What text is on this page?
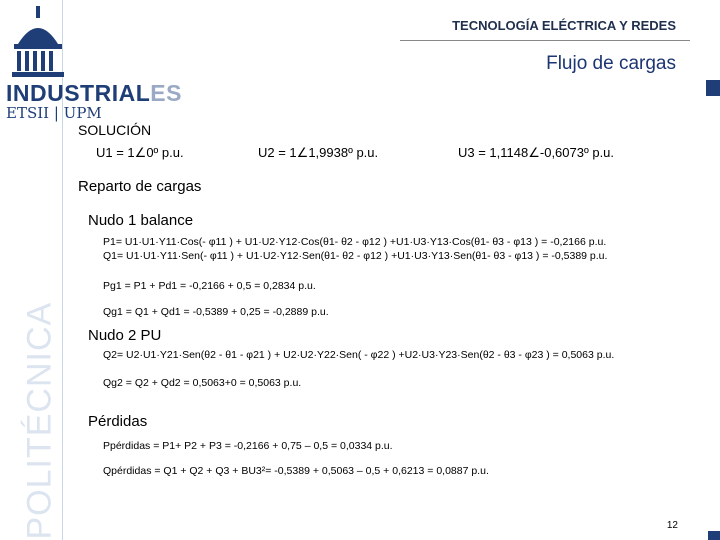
POLITÉCNICA
INDUSTRIALES
ETSII | UPM
TECNOLOGÍA ELÉCTRICA Y REDES
Flujo de cargas
SOLUCIÓN
U1 = 1∠0º p.u.	U2 = 1∠1,9938º p.u.	U3 = 1,1148∠-0,6073º p.u.
Reparto de cargas
Nudo 1 balance
P1= U1·U1·Y11·Cos(- φ11 ) + U1·U2·Y12·Cos(θ1- θ2 - φ12 ) +U1·U3·Y13·Cos(θ1- θ3 - φ13 ) = -0,2166 p.u.
Q1= U1·U1·Y11·Sen(- φ11 ) + U1·U2·Y12·Sen(θ1- θ2 - φ12 ) +U1·U3·Y13·Sen(θ1- θ3 - φ13 ) = -0,5389 p.u.
Pg1 = P1 + Pd1 = -0,2166 + 0,5 = 0,2834 p.u.
Qg1 = Q1 + Qd1 = -0,5389 + 0,25 = -0,2889 p.u.
Nudo 2 PU
Q2= U2·U1·Y21·Sen(θ2 - θ1 - φ21 ) + U2·U2·Y22·Sen( - φ22 ) +U2·U3·Y23·Sen(θ2 - θ3 - φ23 ) = 0,5063 p.u.
Qg2 = Q2 + Qd2 = 0,5063+0 = 0,5063 p.u.
Pérdidas
Ppérdidas = P1+ P2 + P3 = -0,2166 + 0,75 – 0,5 = 0,0334 p.u.
Qpérdidas = Q1 + Q2 + Q3 + BU3²= -0,5389 + 0,5063 – 0,5 + 0,6213 = 0,0887 p.u.
12
